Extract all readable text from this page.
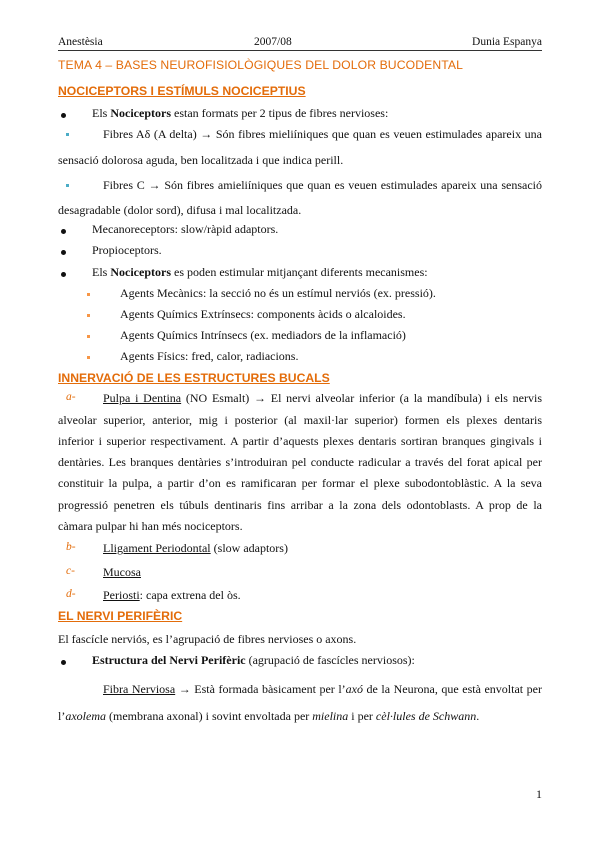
Anestèsia	2007/08	Dunia Espanya
TEMA 4 – BASES NEUROFISIOLÒGIQUES DEL DOLOR BUCODENTAL
NOCICEPTORS I ESTÍMULS NOCICEPTIUS
Els Nociceptors estan formats per 2 tipus de fibres nervioses:
Fibres Aδ (A delta) → Són fibres mieliíniques que quan es veuen estimulades apareix una
sensació dolorosa aguda, ben localitzada i que indica perill.
Fibres C → Són fibres amieliíniques que quan es veuen estimulades apareix una sensació
desagradable (dolor sord), difusa i mal localitzada.
Mecanoreceptors: slow/ràpid adaptors.
Propioceptors.
Els Nociceptors es poden estimular mitjançant diferents mecanismes:
Agents Mecànics: la secció no és un estímul nerviós (ex. pressió).
Agents Químics Extrínsecs: components àcids o alcaloides.
Agents Químics Intrínsecs (ex. mediadors de la inflamació)
Agents Físics: fred, calor, radiacions.
INNERVACIÓ DE LES ESTRUCTURES BUCALS
a- Pulpa i Dentina (NO Esmalt) → El nervi alveolar inferior (a la mandíbula) i els nervis
alveolar superior, anterior, mig i posterior (al maxil·lar superior) formen els plexes dentaris
inferior i superior respectivament. A partir d’aquests plexes dentaris sortiran branques gingivals i
dentàries. Les branques dentàries s’introduiran pel conducte radicular a través del forat apical per
constituir la pulpa, a partir d’on es ramificaran per formar el plexe subodontoblàstic. A la seva
progressió penetren els túbuls dentinaris fins arribar a la zona dels odontoblasts. A prop de la
càmara pulpar hi han més nociceptors.
b- Lligament Periodontal (slow adaptors)
c- Mucosa
d- Periosti: capa extrena del òs.
EL NERVI PERIFÈRIC
El fascícle nerviós, es l’agrupació de fibres nervioses o axons.
Estructura del Nervi Perifèric (agrupació de fascícles nerviosos):
Fibra Nerviosa → Està formada bàsicament per l’axó de la Neurona, que està envoltat per
l’axolema (membrana axonal) i sovint envoltada per mielina i per cèl·lules de Schwann.
1
